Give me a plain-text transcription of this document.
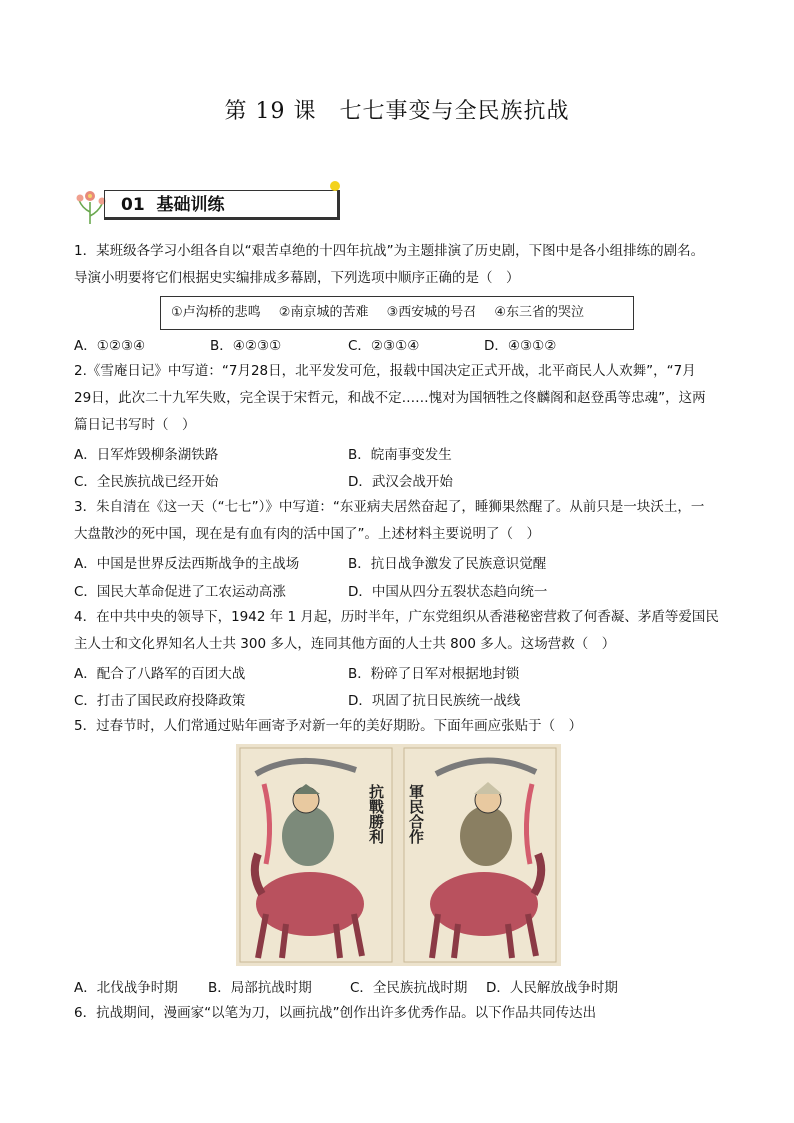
第 19 课　七七事变与全民族抗战
01 基础训练
1．某班级各学习小组各自以“艰苦卓绝的十四年抗战”为主题排演了历史剧，下图中是各小组排练的剧名。
导演小明要将它们根据史实编排成多幕剧，下列选项中顺序正确的是（　）
①卢沟桥的悲鸣 ②南京城的苦难 ③西安城的号召 ④东三省的哭泣
A．①②③④	B．④②③①	C．②③①④	D．④③①②
2.《雪庵日记》中写道：“7月28日，北平发发可危，报载中国决定正式开战，北平商民人人欢舞”，“7月
29日，此次二十九军失败，完全误于宋哲元，和战不定……愧对为国牺牲之佟麟阁和赵登禹等忠魂”，这两
篇日记书写时（　）
A．日军炸毁柳条湖铁路	B．皖南事变发生
C．全民族抗战已经开始	D．武汉会战开始
3．朱自清在《这一天（“七七”）》中写道：“东亚病夫居然奋起了，睡狮果然醒了。从前只是一块沃土，一
大盘散沙的死中国，现在是有血有肉的活中国了”。上述材料主要说明了（　）
A．中国是世界反法西斯战争的主战场	B．抗日战争激发了民族意识觉醒
C．国民大革命促进了工农运动高涨	D．中国从四分五裂状态趋向统一
4．在中共中央的领导下，1942 年 1 月起，历时半年，广东党组织从香港秘密营救了何香凝、茅盾等爱国民
主人士和文化界知名人士共 300 多人，连同其他方面的人士共 800 多人。这场营救（　）
A．配合了八路军的百团大战	B．粉碎了日军对根据地封锁
C．打击了国民政府投降政策	D．巩固了抗日民族统一战线
5．过春节时，人们常通过贴年画寄予对新一年的美好期盼。下面年画应张贴于（　）
抗戰勝利 軍民合作
A．北伐战争时期 B．局部抗战时期	C．全民族抗战时期 D．人民解放战争时期
6．抗战期间，漫画家“以笔为刀，以画抗战”创作出许多优秀作品。以下作品共同传达出
